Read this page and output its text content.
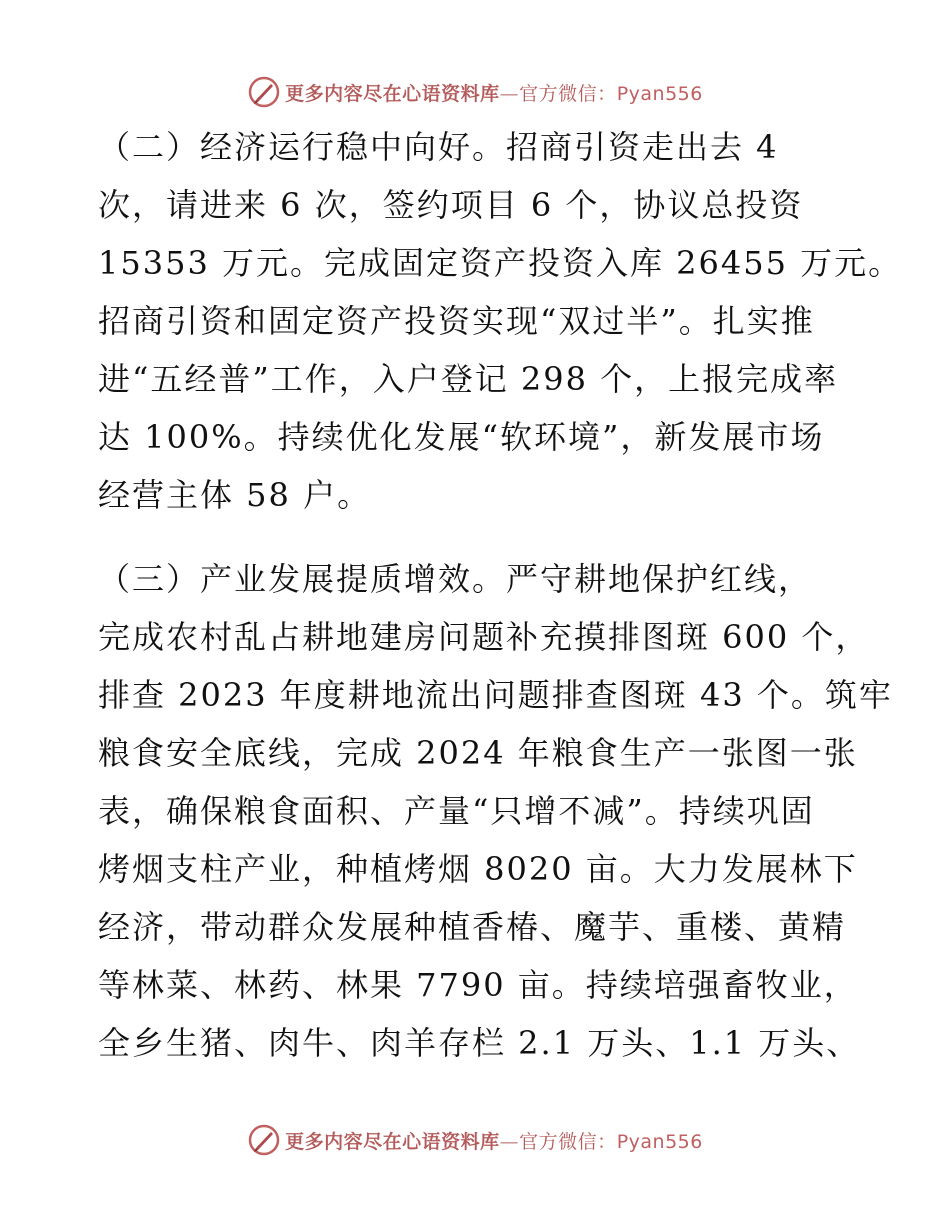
更多内容尽在心语资料库—官方微信：Pyan556
（二）经济运行稳中向好。招商引资走出去 4
次，请进来 6 次，签约项目 6 个，协议总投资
15353 万元。完成固定资产投资入库 26455 万元。
招商引资和固定资产投资实现“双过半”。扎实推
进“五经普”工作，入户登记 298 个，上报完成率
达 100%。持续优化发展“软环境”，新发展市场
经营主体 58 户。
（三）产业发展提质增效。严守耕地保护红线，
完成农村乱占耕地建房问题补充摸排图斑 600 个，
排查 2023 年度耕地流出问题排查图斑 43 个。筑牢
粮食安全底线，完成 2024 年粮食生产一张图一张
表，确保粮食面积、产量“只增不减”。持续巩固
烤烟支柱产业，种植烤烟 8020 亩。大力发展林下
经济，带动群众发展种植香椿、魔芋、重楼、黄精
等林菜、林药、林果 7790 亩。持续培强畜牧业，
全乡生猪、肉牛、肉羊存栏 2.1 万头、1.1 万头、
更多内容尽在心语资料库—官方微信：Pyan556
